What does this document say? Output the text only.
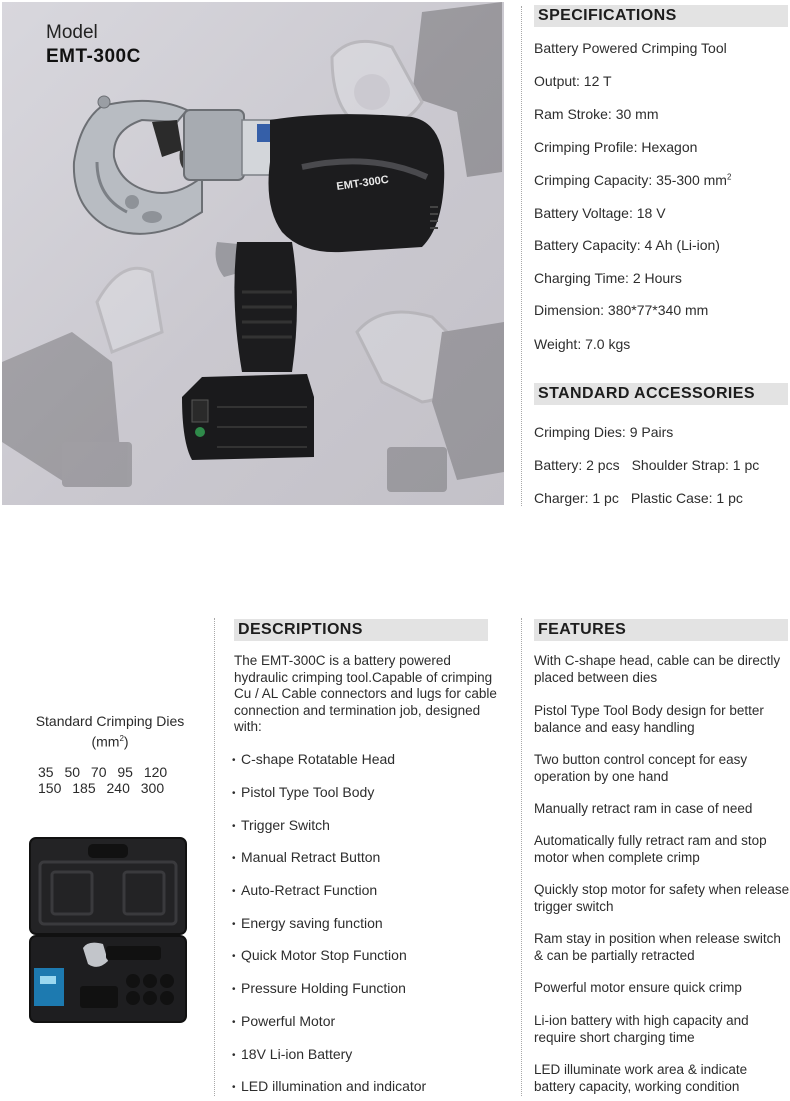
EMT-300C
Model
EMT-300C
SPECIFICATIONS
Battery Powered Crimping Tool
Output: 12 T
Ram Stroke: 30 mm
Crimping Profile: Hexagon
Crimping Capacity: 35-300 $mm^2$
Battery Voltage: 18 V
Battery Capacity: 4 Ah (Li-ion)
Charging Time: 2 Hours
Dimension: 380*77*340 mm
Weight: 7.0 kgs
STANDARD ACCESSORIES
Crimping Dies: 9 Pairs
Battery: 2 pcs Shoulder Strap: 1 pc
Charger: 1 pc Plastic Case: 1 pc
Standard Crimping Dies
$(mm^2)$
35 50 70 95 120
150 185 240 300
DESCRIPTIONS
The EMT-300C is a battery powered hydraulic crimping tool.Capable of crimping Cu / AL Cable connectors and lugs for cable connection and termination job, designed with:
• C-shape Rotatable Head
• Pistol Type Tool Body
• Trigger Switch
• Manual Retract Button
• Auto-Retract Function
• Energy saving function
• Quick Motor Stop Function
• Pressure Holding Function
• Powerful Motor
• 18V Li-ion Battery
• LED illumination and indicator
FEATURES
With C-shape head, cable can be directly placed between dies
Pistol Type Tool Body design for better balance and easy handling
Two button control concept for easy operation by one hand
Manually retract ram in case of need
Automatically fully retract ram and stop motor when complete crimp
Quickly stop motor for safety when release trigger switch
Ram stay in position when release switch & can be partially retracted
Powerful motor ensure quick crimp
Li-ion battery with high capacity and require short charging time
LED illuminate work area & indicate battery capacity, working condition
